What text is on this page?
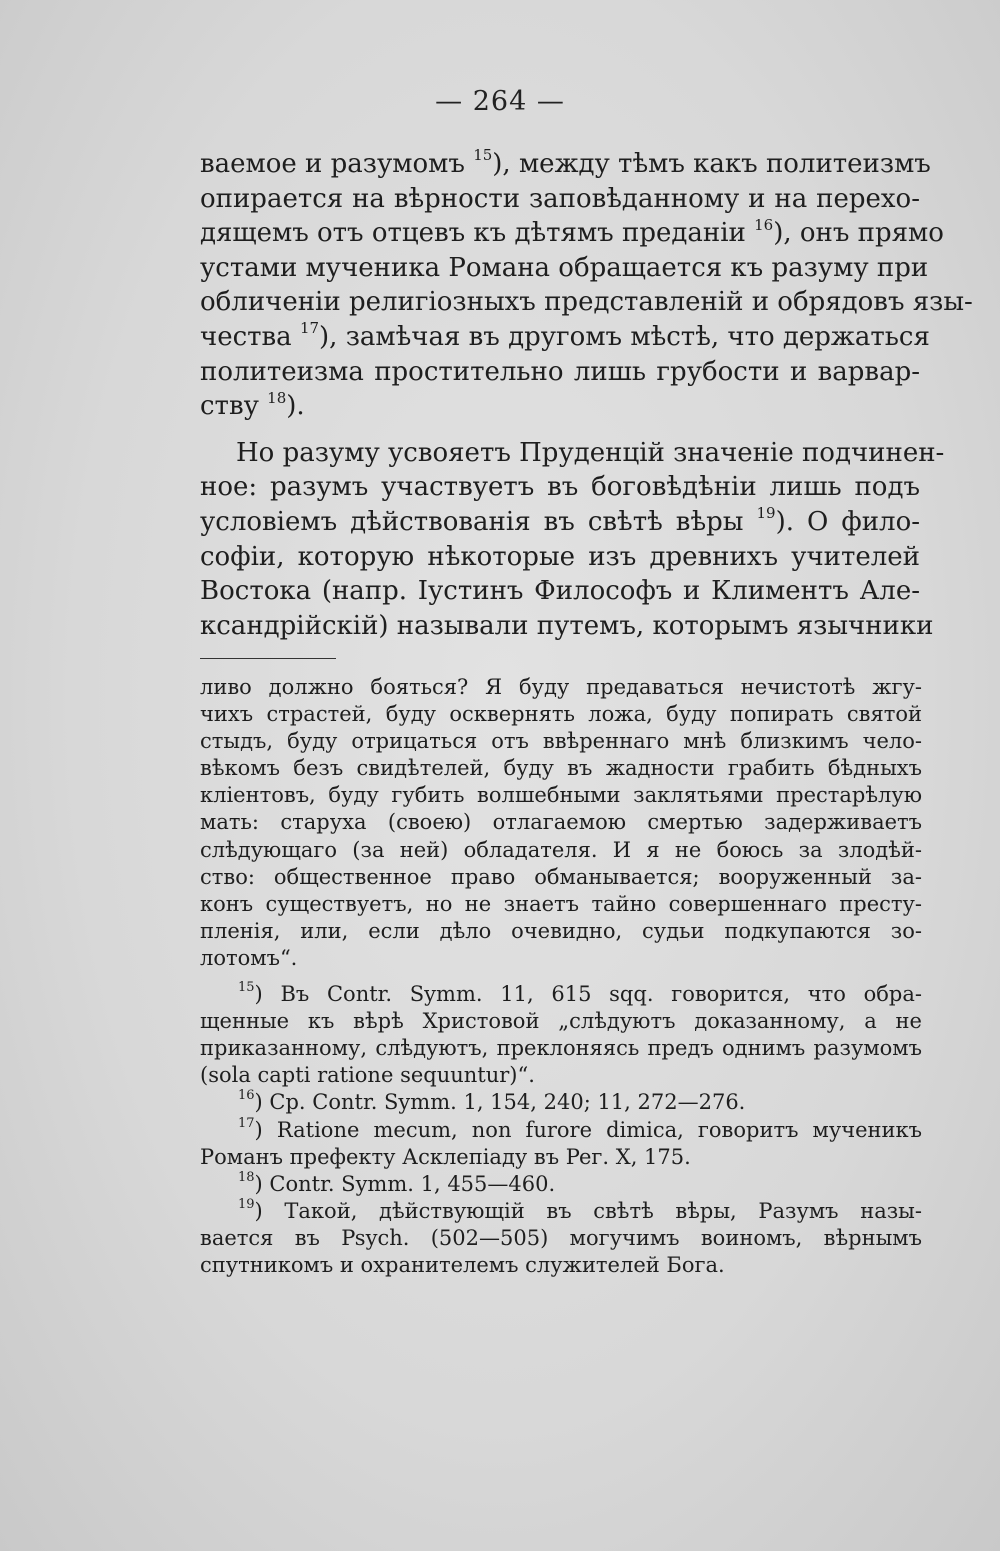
— 264 —
ваемое и разумомъ $^{15}$), между тѣмъ какъ политеизмъ
опирается на вѣрности заповѣданному и на перехо-
дящемъ отъ отцевъ къ дѣтямъ преданіи $^{16}$), онъ прямо
устами мученика Романа обращается къ разуму при
обличеніи религіозныхъ представленій и обрядовъ язы-
чества $^{17}$), замѣчая въ другомъ мѣстѣ, что держаться
политеизма простительно лишь грубости и варвар-
ству $^{18}$).
Но разуму усвояетъ Пруденцій значеніе подчинен-
ное: разумъ участвуетъ въ боговѣдѣніи лишь подъ
условіемъ дѣйствованія въ свѣтѣ вѣры $^{19}$). О фило-
софіи, которую нѣкоторые изъ древнихъ учителей
Востока (напр. Іустинъ Философъ и Климентъ Але-
ксандрійскій) называли путемъ, которымъ язычники
ливо должно бояться? Я буду предаваться нечистотѣ жгу-
чихъ страстей, буду осквернять ложа, буду попирать святой
стыдъ, буду отрицаться отъ ввѣреннаго мнѣ близкимъ чело-
вѣкомъ безъ свидѣтелей, буду въ жадности грабить бѣдныхъ
кліентовъ, буду губить волшебными заклятьями престарѣлую
мать: старуха (своею) отлагаемою смертью задерживаетъ
слѣдующаго (за ней) обладателя. И я не боюсь за злодѣй-
ство: общественное право обманывается; вооруженный за-
конъ существуетъ, но не знаетъ тайно совершеннаго престу-
пленія, или, если дѣло очевидно, судьи подкупаются зо-
лотомъ“.
$^{15}$) Въ Contr. Symm. 11, 615 sqq. говорится, что обра-
щенные къ вѣрѣ Христовой „слѣдуютъ доказанному, а не
приказанному, слѣдуютъ, преклоняясь предъ однимъ разумомъ
(sola capti ratione sequuntur)“.
$^{16}$) Ср. Contr. Symm. 1, 154, 240; 11, 272—276.
$^{17}$) Ratione mecum, non furore dimica, говоритъ мученикъ
Романъ префекту Асклепіаду въ Peг. X, 175.
$^{18}$) Contr. Symm. 1, 455—460.
$^{19}$) Такой, дѣйствующій въ свѣтѣ вѣры, Разумъ назы-
вается въ Psych. (502—505) могучимъ воиномъ, вѣрнымъ
спутникомъ и охранителемъ служителей Бога.
